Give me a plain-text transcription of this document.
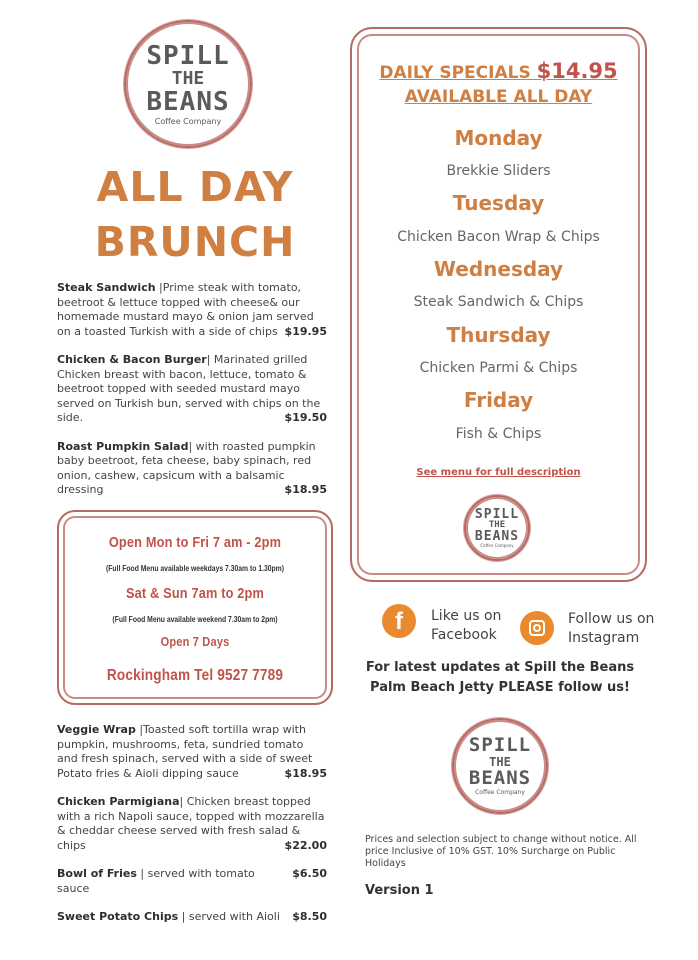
SPILL
THE
BEANS
Coffee Company
ALL DAY
BRUNCH
Steak Sandwich |Prime steak with tomato, beetroot & lettuce topped with cheese& our homemade mustard mayo & onion jam served on a toasted Turkish with a side of chips $19.95
Chicken & Bacon Burger| Marinated grilled Chicken breast with bacon, lettuce, tomato & beetroot topped with seeded mustard mayo served on Turkish bun, served with chips on the side.	$19.50
Roast Pumpkin Salad| with roasted pumpkin baby beetroot, feta cheese, baby spinach, red onion, cashew, capsicum with a balsamic dressing	$18.95
Open Mon to Fri 7 am - 2pm
(Full Food Menu available weekdays 7.30am to 1.30pm)
Sat & Sun 7am to 2pm
(Full Food Menu available weekend 7.30am to 2pm)
Open 7 Days
Rockingham Tel 9527 7789
Veggie Wrap |Toasted soft tortilla wrap with pumpkin, mushrooms, feta, sundried tomato and fresh spinach, served with a side of sweet Potato fries & Aioli dipping sauce	$18.95
Chicken Parmigiana| Chicken breast topped with a rich Napoli sauce, topped with mozzarella & cheddar cheese served with fresh salad & chips	$22.00
Bowl of Fries | served with tomato sauce
$6.50
Sweet Potato Chips | served with Aioli $8.50
DAILY SPECIALS $14.95
AVAILABLE ALL DAY
Monday
Brekkie Sliders
Tuesday
Chicken Bacon Wrap & Chips
Wednesday
Steak Sandwich & Chips
Thursday
Chicken Parmi & Chips
Friday
Fish & Chips
See menu for full description
SPILL
THE
BEANS
Coffee Company
f	Like us on
Facebook
Follow us on
Instagram
For latest updates at Spill the Beans
Palm Beach Jetty PLEASE follow us!
SPILL
THE
BEANS
Coffee Company
Prices and selection subject to change without notice. All price Inclusive of 10% GST. 10% Surcharge on Public Holidays
Version 1
